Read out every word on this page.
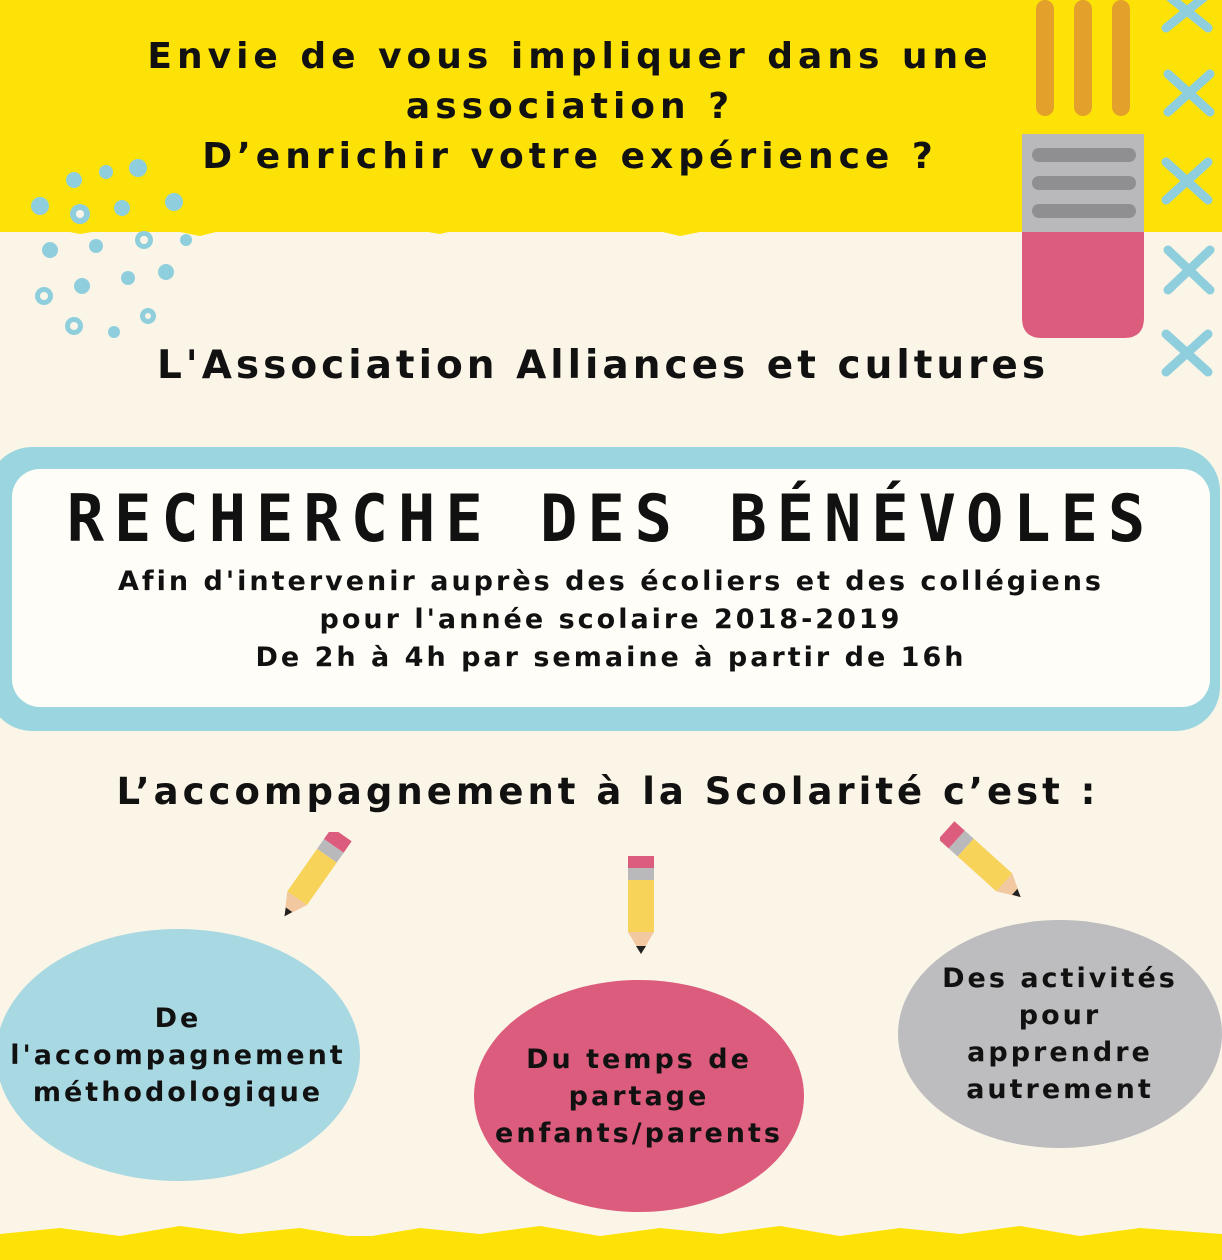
Envie de vous impliquer dans une
association ?
D’enrichir votre expérience ?
L'Association Alliances et cultures
RECHERCHE DES BÉNÉVOLES

Afin d'intervenir auprès des écoliers et des collégiens
pour l'année scolaire 2018-2019
De 2h à 4h par semaine à partir de 16h

L’accompagnement à la Scolarité c’est :
De
l'accompagnement
méthodologique
Du temps de
partage
enfants/parents
Des activités
pour
apprendre
autrement
